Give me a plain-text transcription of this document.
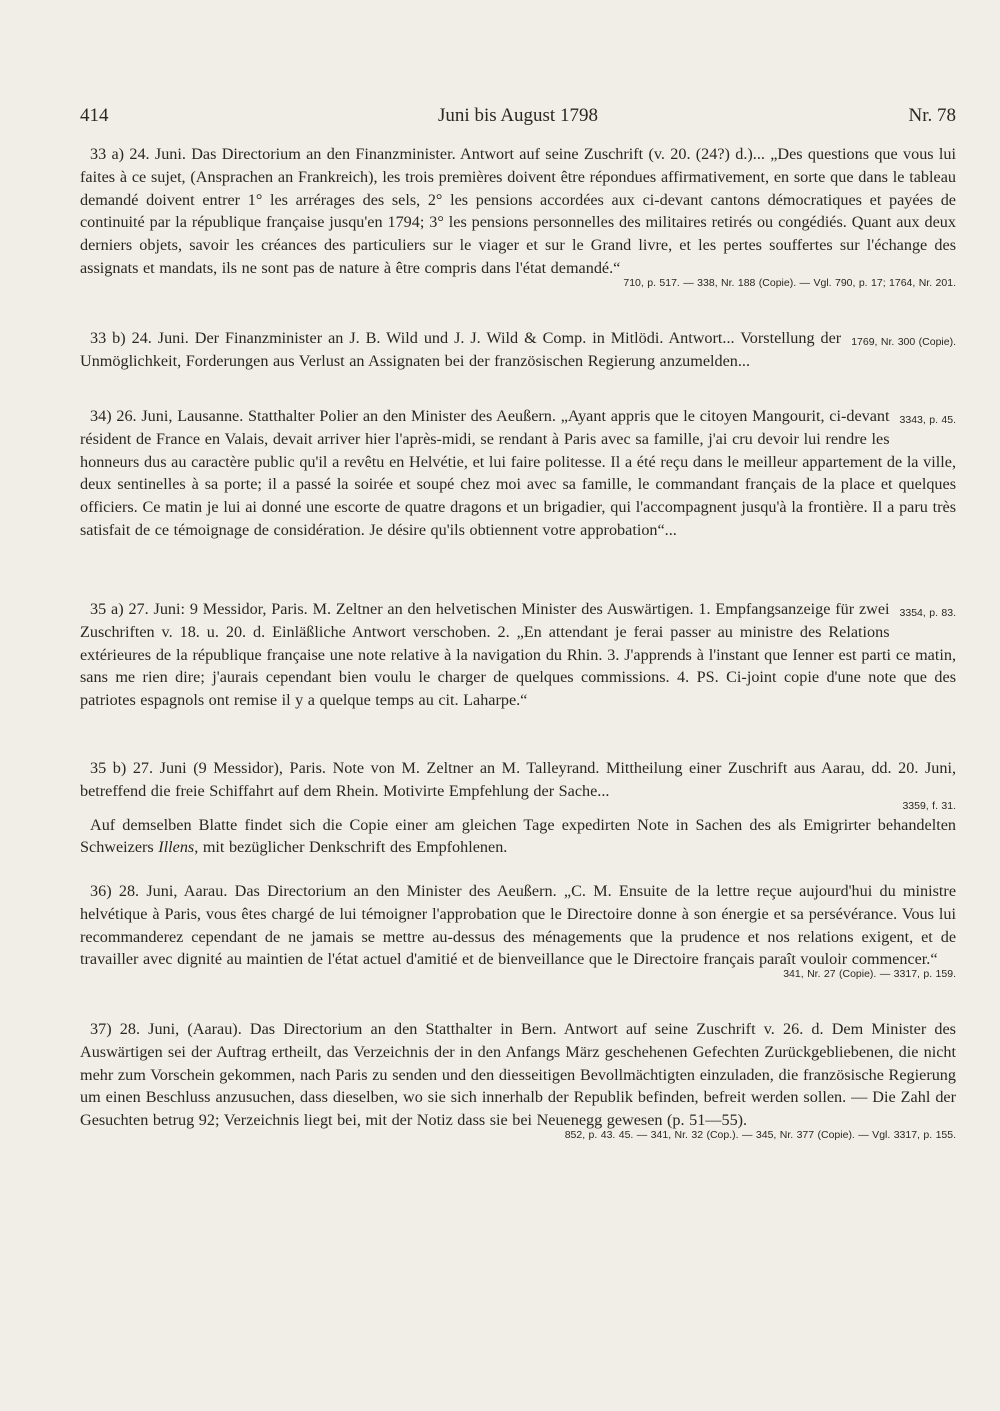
414	Juni bis August 1798	Nr. 78

33 a) 24. Juni. Das Directorium an den Finanzminister. Antwort auf seine Zuschrift (v. 20. (24?) d.)... „Des questions que vous lui faites à ce sujet, (Ansprachen an Frankreich), les trois premières doivent être répondues affirmativement, en sorte que dans le tableau demandé doivent entrer 1° les arrérages des sels, 2° les pensions accordées aux ci-devant cantons démocratiques et payées de continuité par la république française jusqu'en 1794; 3° les pensions personnelles des militaires retirés ou congédiés. Quant aux deux derniers objets, savoir les créances des particuliers sur le viager et sur le Grand livre, et les pertes souffertes sur l'échange des assignats et mandats, ils ne sont pas de nature à être compris dans l'état demandé.“

710, p. 517. — 338, Nr. 188 (Copie). — Vgl. 790, p. 17; 1764, Nr. 201.

1769, Nr. 300 (Copie).
33 b) 24. Juni. Der Finanzminister an J. B. Wild und J. J. Wild & Comp. in Mitlödi. Antwort... Vorstellung der Unmöglichkeit, Forderungen aus Verlust an Assignaten bei der französischen Regierung anzumelden...

3343, p. 45.
34) 26. Juni, Lausanne. Statthalter Polier an den Minister des Aeußern. „Ayant appris que le citoyen Mangourit, ci-devant résident de France en Valais, devait arriver hier l'après-midi, se rendant à Paris avec sa famille, j'ai cru devoir lui rendre les honneurs dus au caractère public qu'il a revêtu en Helvétie, et lui faire politesse. Il a été reçu dans le meilleur appartement de la ville, deux sentinelles à sa porte; il a passé la soirée et soupé chez moi avec sa famille, le commandant français de la place et quelques officiers. Ce matin je lui ai donné une escorte de quatre dragons et un brigadier, qui l'accompagnent jusqu'à la frontière. Il a paru très satisfait de ce témoignage de considération. Je désire qu'ils obtiennent votre approbation“...

3354, p. 83.
35 a) 27. Juni: 9 Messidor, Paris. M. Zeltner an den helvetischen Minister des Auswärtigen. 1. Empfangsanzeige für zwei Zuschriften v. 18. u. 20. d. Einläßliche Antwort verschoben. 2. „En attendant je ferai passer au ministre des Relations extérieures de la république française une note relative à la navigation du Rhin. 3. J'apprends à l'instant que Ienner est parti ce matin, sans me rien dire; j'aurais cependant bien voulu le charger de quelques commissions. 4. PS. Ci-joint copie d'une note que des patriotes espagnols ont remise il y a quelque temps au cit. Laharpe.“

35 b) 27. Juni (9 Messidor), Paris. Note von M. Zeltner an M. Talleyrand. Mittheilung einer Zuschrift aus Aarau, dd. 20. Juni, betreffend die freie Schiffahrt auf dem Rhein. Motivirte Empfehlung der Sache...

3359, f. 31.

Auf demselben Blatte findet sich die Copie einer am gleichen Tage expedirten Note in Sachen des als Emigrirter behandelten Schweizers Illens, mit bezüglicher Denkschrift des Empfohlenen.

36) 28. Juni, Aarau. Das Directorium an den Minister des Aeußern. „C. M. Ensuite de la lettre reçue aujourd'hui du ministre helvétique à Paris, vous êtes chargé de lui témoigner l'approbation que le Directoire donne à son énergie et sa persévérance. Vous lui recommanderez cependant de ne jamais se mettre au-dessus des ménagements que la prudence et nos relations exigent, et de travailler avec dignité au maintien de l'état actuel d'amitié et de bienveillance que le Directoire français paraît vouloir commencer.“

341, Nr. 27 (Copie). — 3317, p. 159.

37) 28. Juni, (Aarau). Das Directorium an den Statthalter in Bern. Antwort auf seine Zuschrift v. 26. d. Dem Minister des Auswärtigen sei der Auftrag ertheilt, das Verzeichnis der in den Anfangs März geschehenen Gefechten Zurückgebliebenen, die nicht mehr zum Vorschein gekommen, nach Paris zu senden und den diesseitigen Bevollmächtigten einzuladen, die französische Regierung um einen Beschluss anzusuchen, dass dieselben, wo sie sich innerhalb der Republik befinden, befreit werden sollen. — Die Zahl der Gesuchten betrug 92; Verzeichnis liegt bei, mit der Notiz dass sie bei Neuenegg gewesen (p. 51—55).

852, p. 43. 45. — 341, Nr. 32 (Cop.). — 345, Nr. 377 (Copie). — Vgl. 3317, p. 155.
